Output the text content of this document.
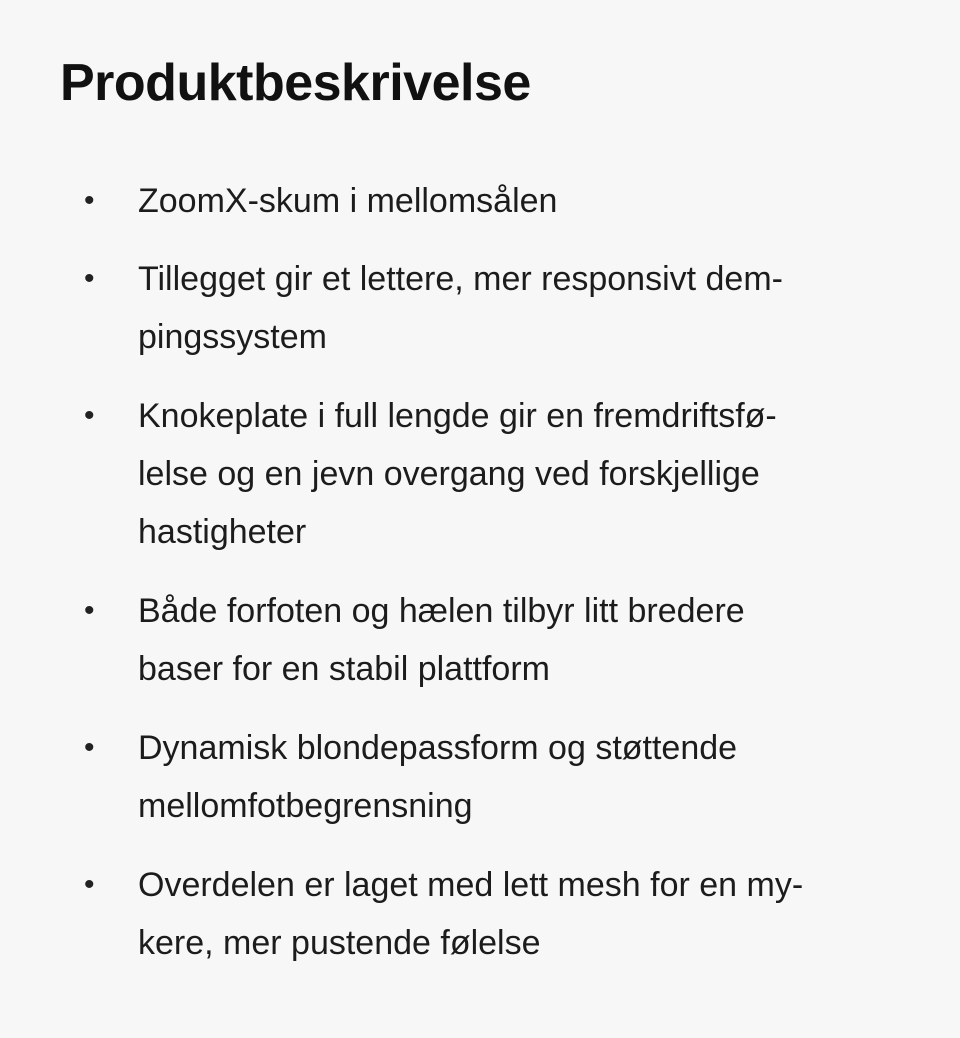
Produktbeskrivelse
• ZoomX-skum i mellomsålen
• Tillegget gir et lettere, mer responsivt dem-
pingssystem
• Knokeplate i full lengde gir en fremdriftsfø-
lelse og en jevn overgang ved forskjellige
hastigheter
• Både forfoten og hælen tilbyr litt bredere
baser for en stabil plattform
• Dynamisk blondepassform og støttende
mellomfotbegrensning
• Overdelen er laget med lett mesh for en my-
kere, mer pustende følelse
